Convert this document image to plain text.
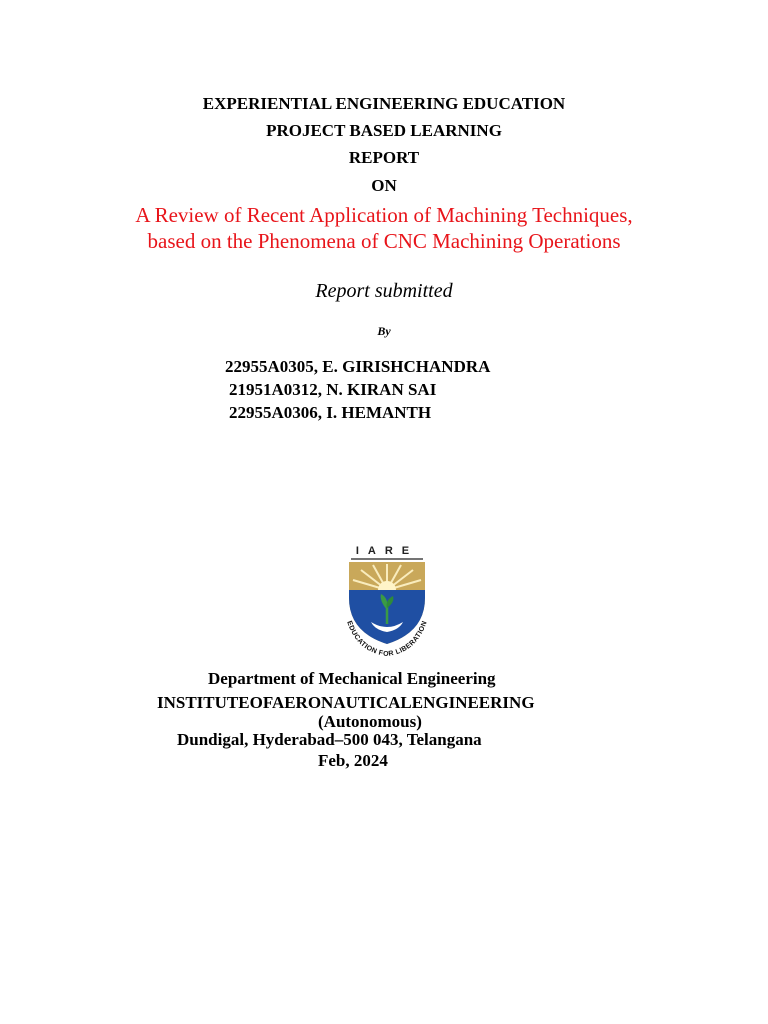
EXPERIENTIAL ENGINEERING EDUCATION
PROJECT BASED LEARNING
REPORT
ON
A Review of Recent Application of Machining Techniques,
based on the Phenomena of CNC Machining Operations
Report submitted
By
22955A0305, E. GIRISHCHANDRA
21951A0312, N. KIRAN SAI
22955A0306, I. HEMANTH
IARE
EDUCATION FOR LIBERATION
Department of Mechanical Engineering
INSTITUTEOFAERONAUTICALENGINEERING
(Autonomous)
Dundigal, Hyderabad–500 043, Telangana
Feb, 2024
